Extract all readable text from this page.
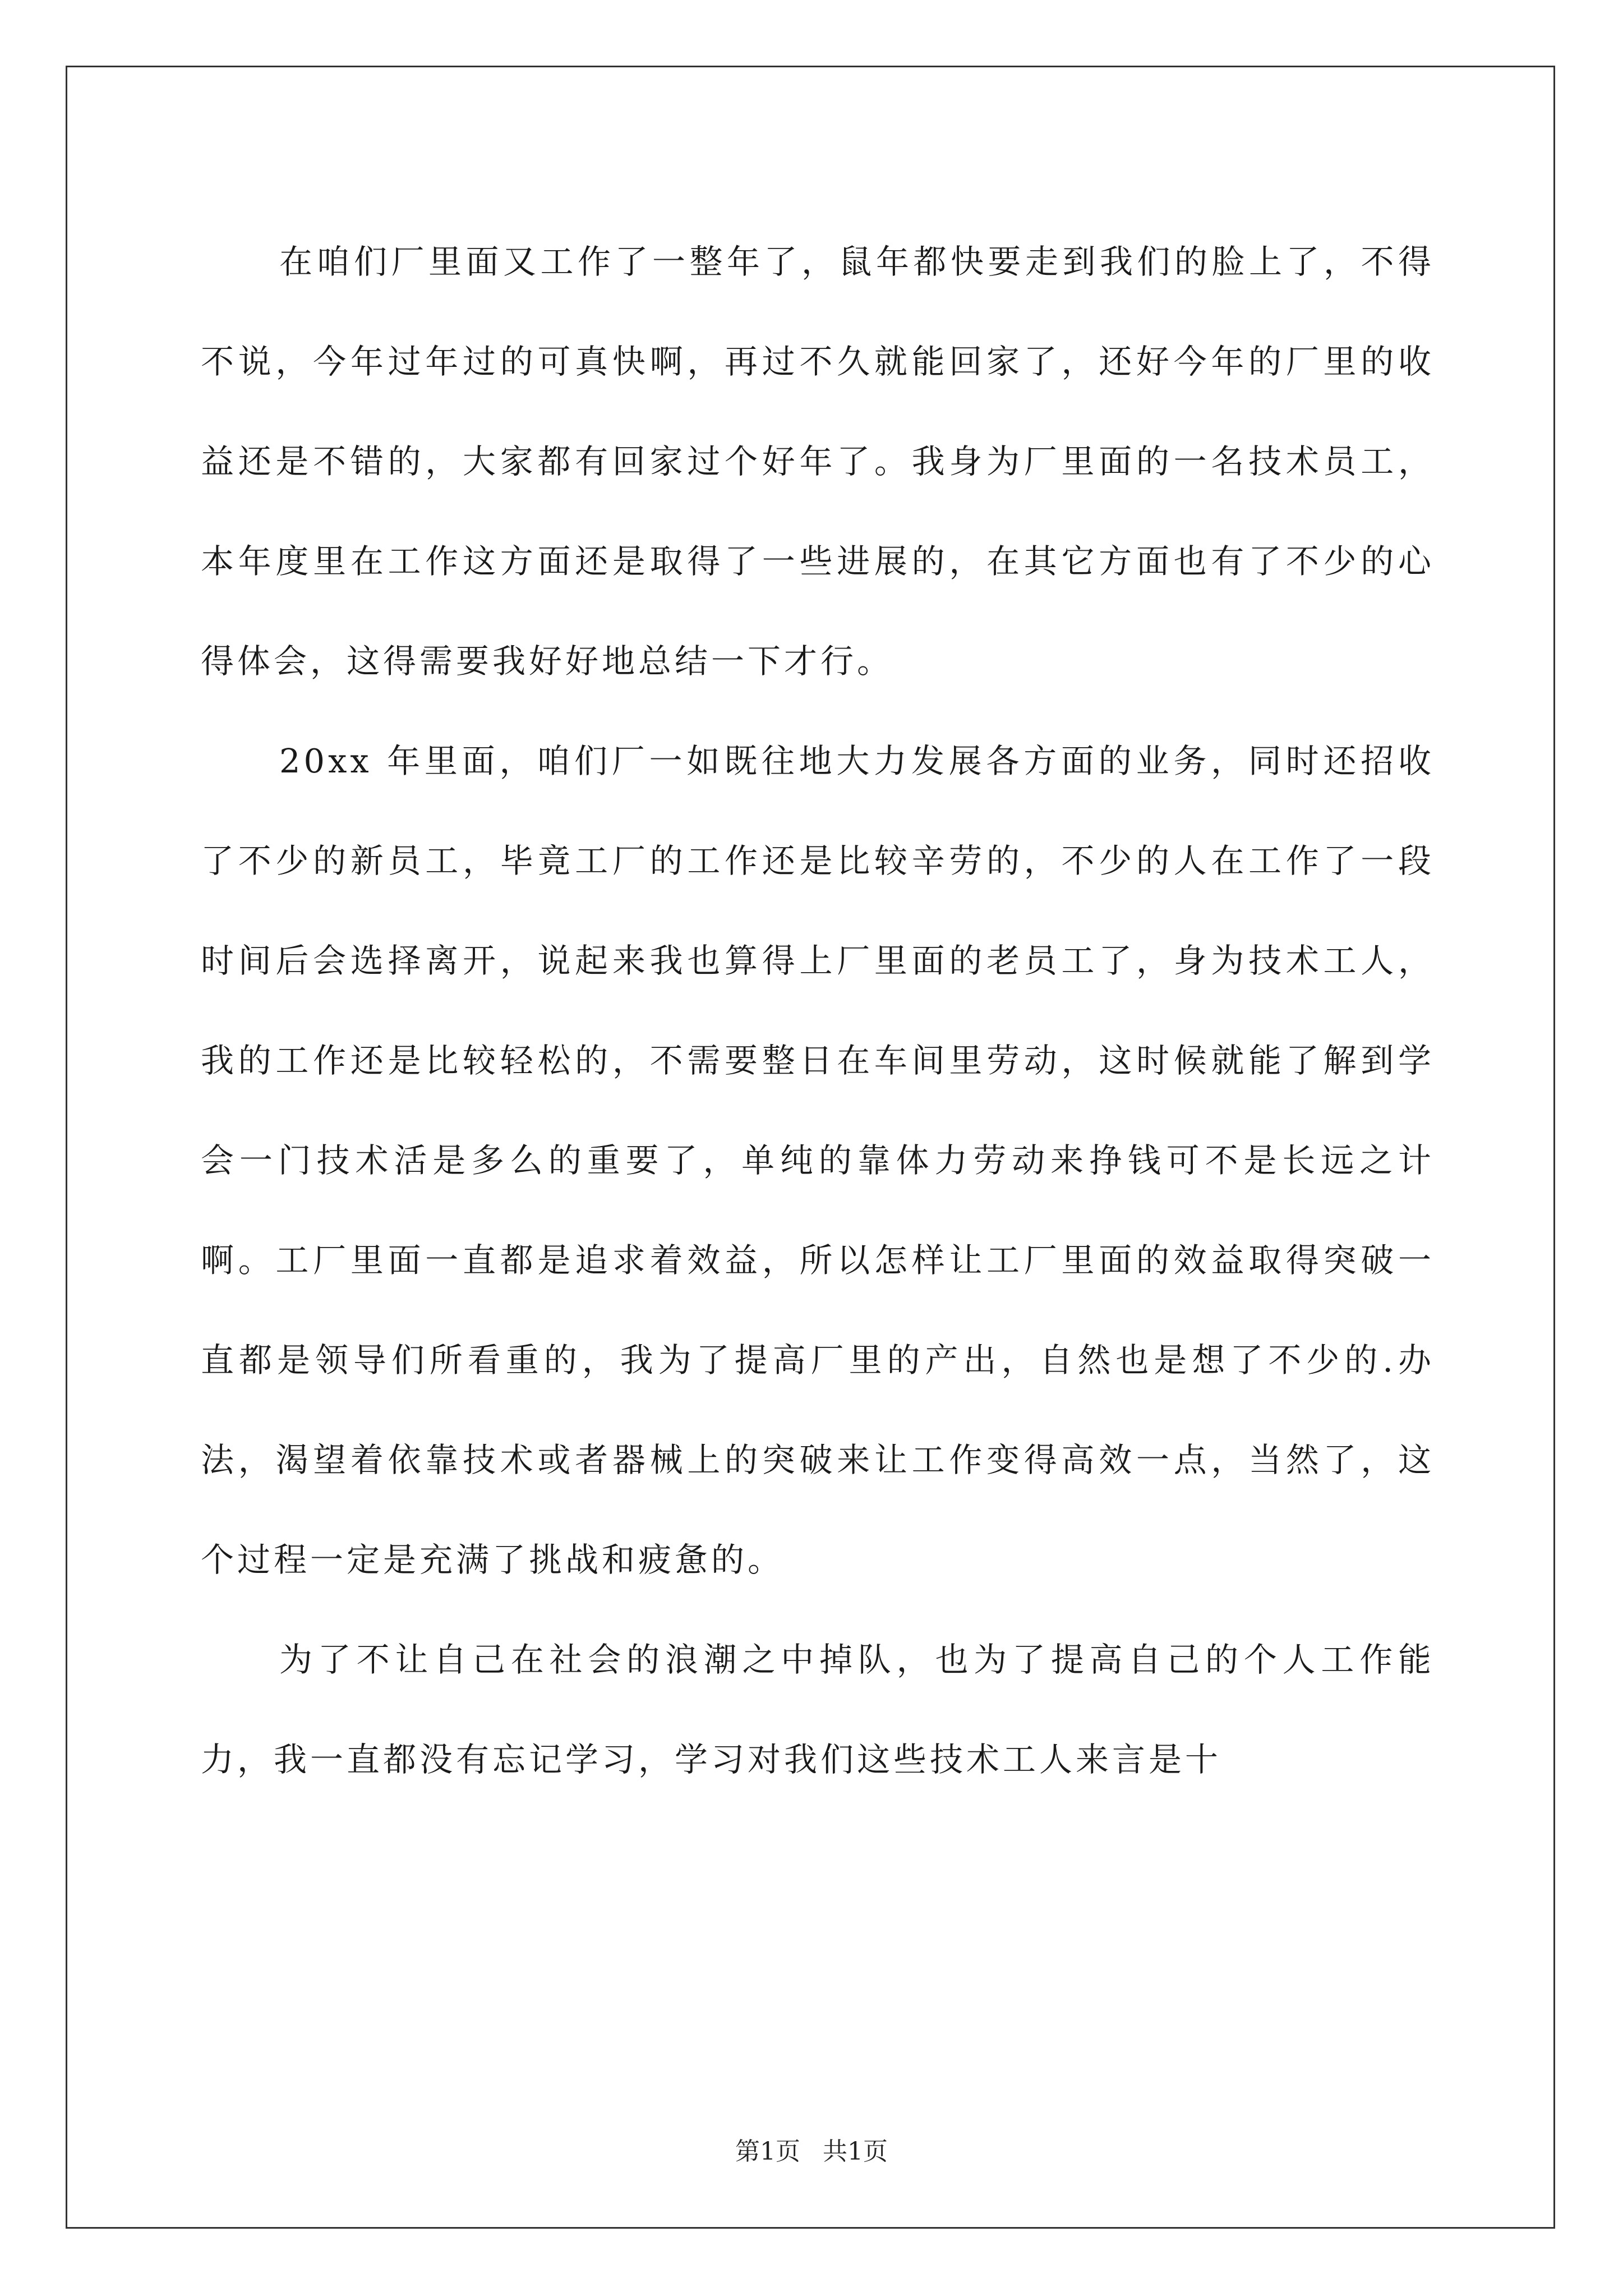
在咱们厂里面又工作了一整年了，鼠年都快要走到我们的脸上了，不得不说，今年过年过的可真快啊，再过不久就能回家了，还好今年的厂里的收益还是不错的，大家都有回家过个好年了。我身为厂里面的一名技术员工，本年度里在工作这方面还是取得了一些进展的，在其它方面也有了不少的心得体会，这得需要我好好地总结一下才行。

20xx 年里面，咱们厂一如既往地大力发展各方面的业务，同时还招收了不少的新员工，毕竟工厂的工作还是比较辛劳的，不少的人在工作了一段时间后会选择离开，说起来我也算得上厂里面的老员工了，身为技术工人，我的工作还是比较轻松的，不需要整日在车间里劳动，这时候就能了解到学会一门技术活是多么的重要了，单纯的靠体力劳动来挣钱可不是长远之计啊。工厂里面一直都是追求着效益，所以怎样让工厂里面的效益取得突破一直都是领导们所看重的，我为了提高厂里的产出，自然也是想了不少的.办法，渴望着依靠技术或者器械上的突破来让工作变得高效一点，当然了，这个过程一定是充满了挑战和疲惫的。

为了不让自己在社会的浪潮之中掉队，也为了提高自己的个人工作能力，我一直都没有忘记学习，学习对我们这些技术工人来言是十

第1页 共1页
